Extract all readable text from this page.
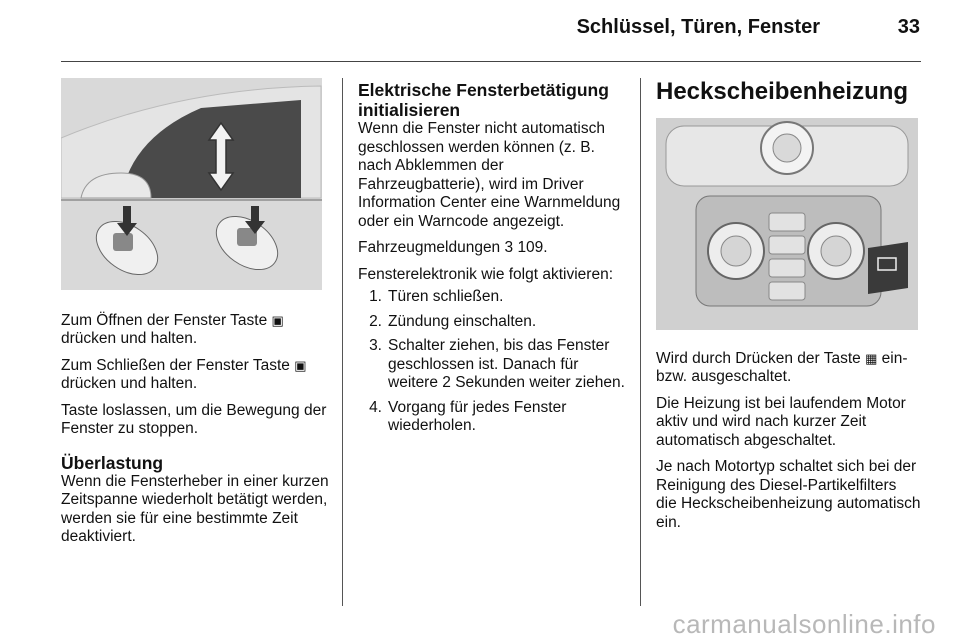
Schlüssel, Türen, Fenster	33

Zum Öffnen der Fenster Taste ▣
drücken und halten.

Zum Schließen der Fenster Taste ▣
drücken und halten.

Taste loslassen, um die Bewegung der Fenster zu stoppen.

Überlastung

Wenn die Fensterheber in einer kurzen Zeitspanne wiederholt betätigt werden, werden sie für eine bestimmte Zeit deaktiviert.

Elektrische Fensterbetätigung initialisieren

Wenn die Fenster nicht automatisch geschlossen werden können (z. B. nach Abklemmen der Fahrzeugbatterie), wird im Driver Information Center eine Warnmeldung oder ein Warncode angezeigt.

Fahrzeugmeldungen 3 109.

Fensterelektronik wie folgt aktivieren:

1. Türen schließen.
2. Zündung einschalten.
3. Schalter ziehen, bis das Fenster geschlossen ist. Danach für weitere 2 Sekunden weiter ziehen.
4. Vorgang für jedes Fenster wiederholen.
Heckscheibenheizung

Wird durch Drücken der Taste ▦ ein- bzw. ausgeschaltet.

Die Heizung ist bei laufendem Motor aktiv und wird nach kurzer Zeit automatisch abgeschaltet.

Je nach Motortyp schaltet sich bei der Reinigung des Diesel-Partikelfilters die Heckscheibenheizung automatisch ein.

carmanualsonline.info
